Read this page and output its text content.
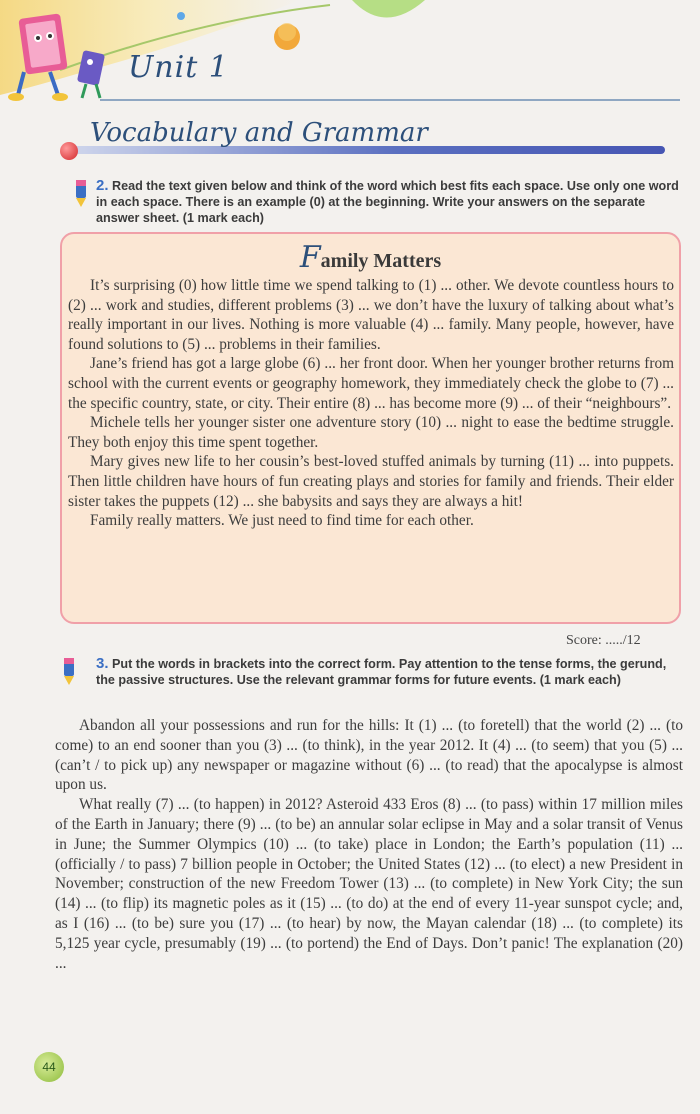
Unit 1
Vocabulary and Grammar
2. Read the text given below and think of the word which best fits each space. Use only one word in each space. There is an example (0) at the beginning. Write your answers on the separate answer sheet. (1 mark each)
Family Matters

It’s surprising (0) how little time we spend talking to (1) ... other. We devote countless hours to (2) ... work and studies, different problems (3) ... we don’t have the luxury of talking about what’s really important in our lives. Nothing is more valuable (4) ... family. Many people, however, have found solutions to (5) ... problems in their families.

Jane’s friend has got a large globe (6) ... her front door. When her younger brother returns from school with the current events or geography homework, they immediately check the globe to (7) ... the specific country, state, or city. Their entire (8) ... has become more (9) ... of their “neighbours”.

Michele tells her younger sister one adventure story (10) ... night to ease the bedtime struggle. They both enjoy this time spent together.

Mary gives new life to her cousin’s best-loved stuffed animals by turning (11) ... into puppets. Then little children have hours of fun creating plays and stories for family and friends. Their elder sister takes the puppets (12) ... she babysits and says they are always a hit!

Family really matters. We just need to find time for each other.

Score: ...../12
3. Put the words in brackets into the correct form. Pay attention to the tense forms, the gerund, the passive structures. Use the relevant grammar forms for future events. (1 mark each)

Abandon all your possessions and run for the hills: It (1) ... (to foretell) that the world (2) ... (to come) to an end sooner than you (3) ... (to think), in the year 2012. It (4) ... (to seem) that you (5) ... (can’t / to pick up) any newspaper or magazine without (6) ... (to read) that the apocalypse is almost upon us.

What really (7) ... (to happen) in 2012? Asteroid 433 Eros (8) ... (to pass) within 17 million miles of the Earth in January; there (9) ... (to be) an annular solar eclipse in May and a solar transit of Venus in June; the Summer Olympics (10) ... (to take) place in London; the Earth’s population (11) ... (officially / to pass) 7 billion people in October; the United States (12) ... (to elect) a new President in November; construction of the new Freedom Tower (13) ... (to complete) in New York City; the sun (14) ... (to flip) its magnetic poles as it (15) ... (to do) at the end of every 11-year sunspot cycle; and, as I (16) ... (to be) sure you (17) ... (to hear) by now, the Mayan calendar (18) ... (to complete) its 5,125 year cycle, presumably (19) ... (to portend) the End of Days. Don’t panic! The explanation (20) ...

44
